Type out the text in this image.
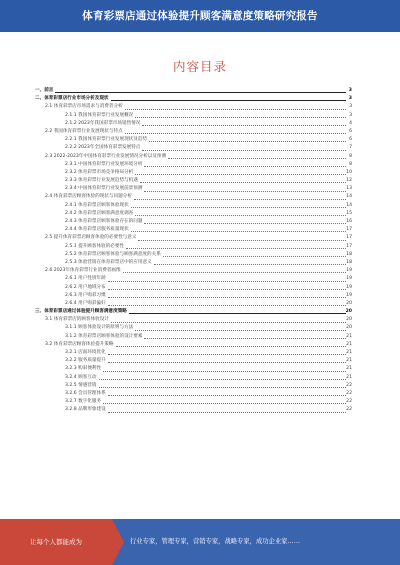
体育彩票店通过体验提升顾客满意度策略研究报告
内容目录
一、前言	3
二、体育彩票店行业市场分析及现状	3
2.1 体育彩票店市场需求与消费者分析	3
2.1.1 我国体育彩票行业发展概况	3
2.1.2 2023年我国彩票市场销售情况	4
2.2 我国体育彩票行业发展现状与特点	6
2.2.1 我国体育彩票行业发展现状及趋势	6
2.2.2 2023年全国体育彩票发展特点	7
2.3 2022-2023年中国体育彩票行业发展情况分析以及预测	8
2.3.1 中国体育彩票行业发展环境分析	8
2.3.2 体育彩票市场竞争格局分析	10
2.3.3 体育彩票行业发展趋势与机遇	12
2.3.4 中国体育彩票行业发展前景预测	13
2.4 体育彩票店顾客体验的现状与问题分析	14
2.4.1 体育彩票店顾客体验现状	14
2.4.2 体育彩票店顾客满意度调查	15
2.4.3 体育彩票店顾客体验存在的问题	16
2.4.4 体育彩票店服务质量现状	17
2.5 提升体育彩票店顾客体验的必要性与意义	17
2.5.1 提升顾客体验的必要性	17
2.5.2 体育彩票店顾客体验与顾客满意度的关系	18
2.5.3 体验营销在体育彩票店中的应用意义	18
2.6 2023年体育彩票行业消费者画像	19
2.6.1 用户性别年龄	19
2.6.2 用户地域分布	19
2.6.3 用户购彩习惯	19
2.6.4 用户购彩偏好	20
三、体育彩票店通过体验提升顾客满意度策略	20
3.1 体育彩票店的顾客体验设计	20
3.1.1 顾客体验设计的原则与方法	20
3.1.2 体育彩票店顾客体验的设计要素	21
3.2 体育彩票店顾客体验提升策略	21
3.2.1 店面环境优化	21
3.2.2 服务质量提升	21
3.2.3 购彩便利性	21
3.2.4 顾客互动	21
3.2.5 情感营销	22
3.2.6 会员管理体系	22
3.2.7 数字化服务	22
3.2.8 品牌形象建设	22
让每个人都能成为	行业专家，管理专家，营销专家，战略专家，成功企业家……
